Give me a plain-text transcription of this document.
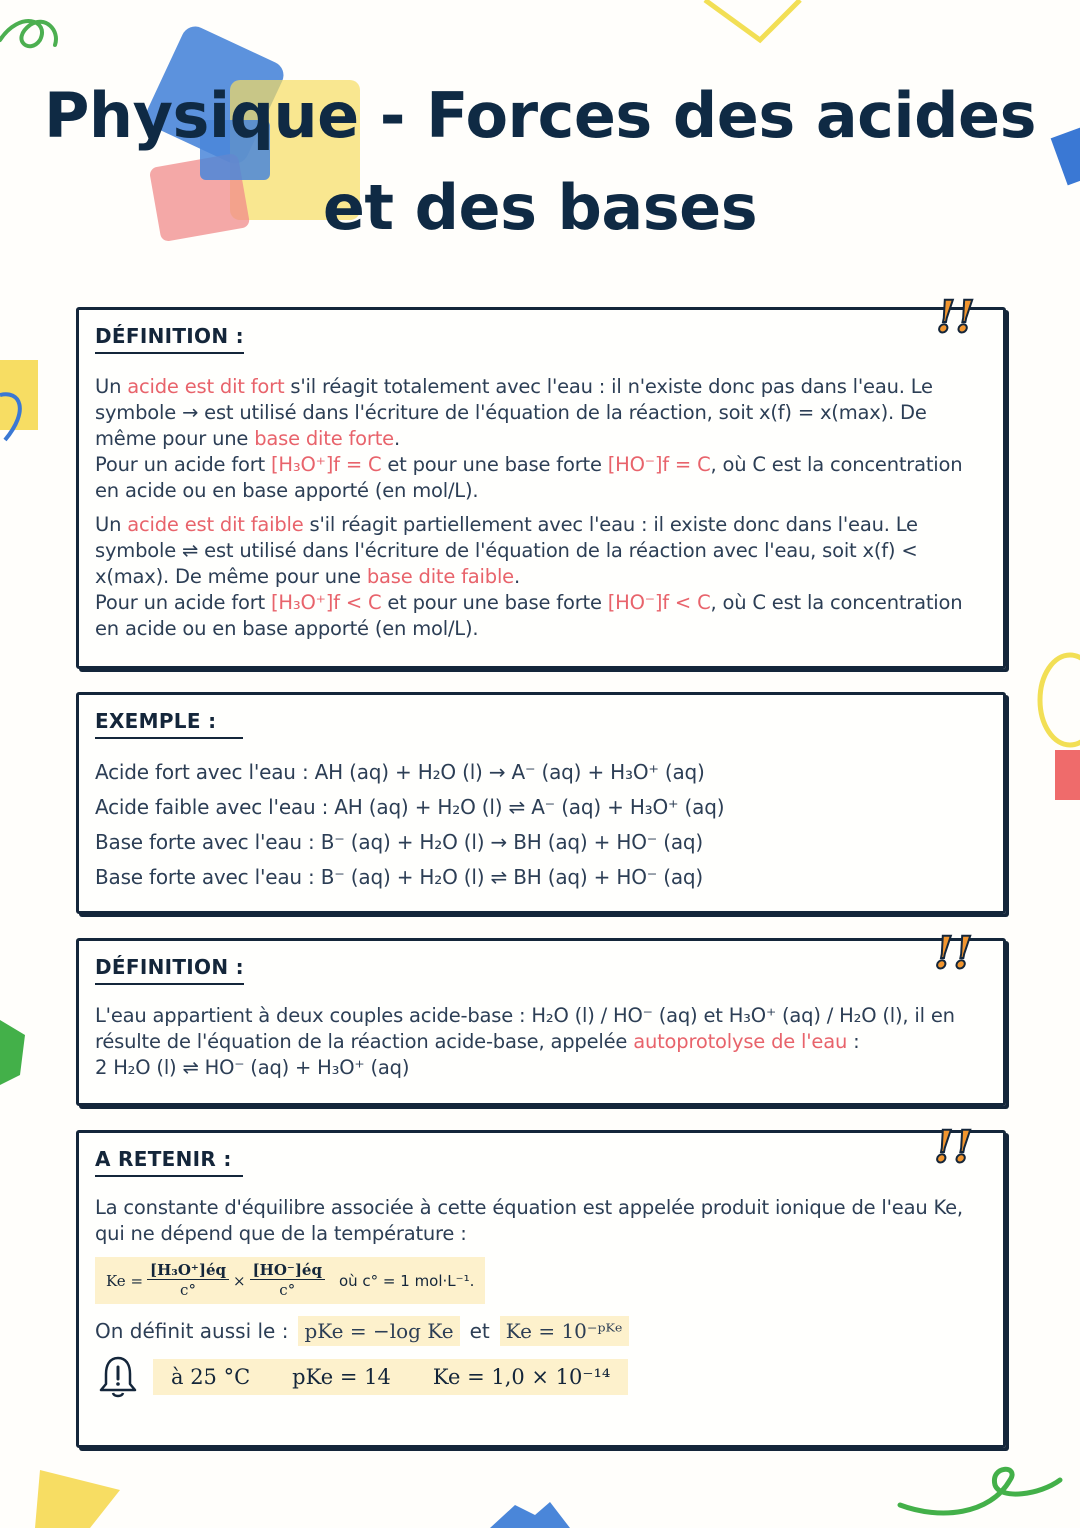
Physique - Forces des acides
et des bases
DÉFINITION :

Un acide est dit fort s'il réagit totalement avec l'eau : il n'existe donc pas dans l'eau. Le symbole → est utilisé dans l'écriture de l'équation de la réaction, soit x(f) = x(max). De même pour une base dite forte.
Pour un acide fort [H₃O⁺]f = C et pour une base forte [HO⁻]f = C, où C est la concentration en acide ou en base apporté (en mol/L).

Un acide est dit faible s'il réagit partiellement avec l'eau : il existe donc dans l'eau. Le symbole ⇌ est utilisé dans l'écriture de l'équation de la réaction avec l'eau, soit x(f) < x(max). De même pour une base dite faible.
Pour un acide fort [H₃O⁺]f < C et pour une base forte [HO⁻]f < C, où C est la concentration en acide ou en base apporté (en mol/L).

!!
EXEMPLE :

Acide fort avec l'eau : AH (aq) + H₂O (l) → A⁻ (aq) + H₃O⁺ (aq)

Acide faible avec l'eau : AH (aq) + H₂O (l) ⇌ A⁻ (aq) + H₃O⁺ (aq)

Base forte avec l'eau : B⁻ (aq) + H₂O (l) → BH (aq) + HO⁻ (aq)

Base forte avec l'eau : B⁻ (aq) + H₂O (l) ⇌ BH (aq) + HO⁻ (aq)

DÉFINITION :

L'eau appartient à deux couples acide-base : H₂O (l) / HO⁻ (aq) et H₃O⁺ (aq) / H₂O (l), il en résulte de l'équation de la réaction acide-base, appelée autoprotolyse de l'eau :
2 H₂O (l) ⇌ HO⁻ (aq) + H₃O⁺ (aq)

!!
A RETENIR :

La constante d'équilibre associée à cette équation est appelée produit ionique de l'eau Ke, qui ne dépend que de la température :

Ke =	[H₃O⁺]éq	×	[HO⁻]éq	où c° = 1 mol·L⁻¹.
	c°		c°	
On définit aussi le : pKe = −log Ke et Ke = 10⁻ᵖᴷᵉ
à 25 °C pKe = 14 Ke = 1,0 × 10⁻¹⁴
!!
